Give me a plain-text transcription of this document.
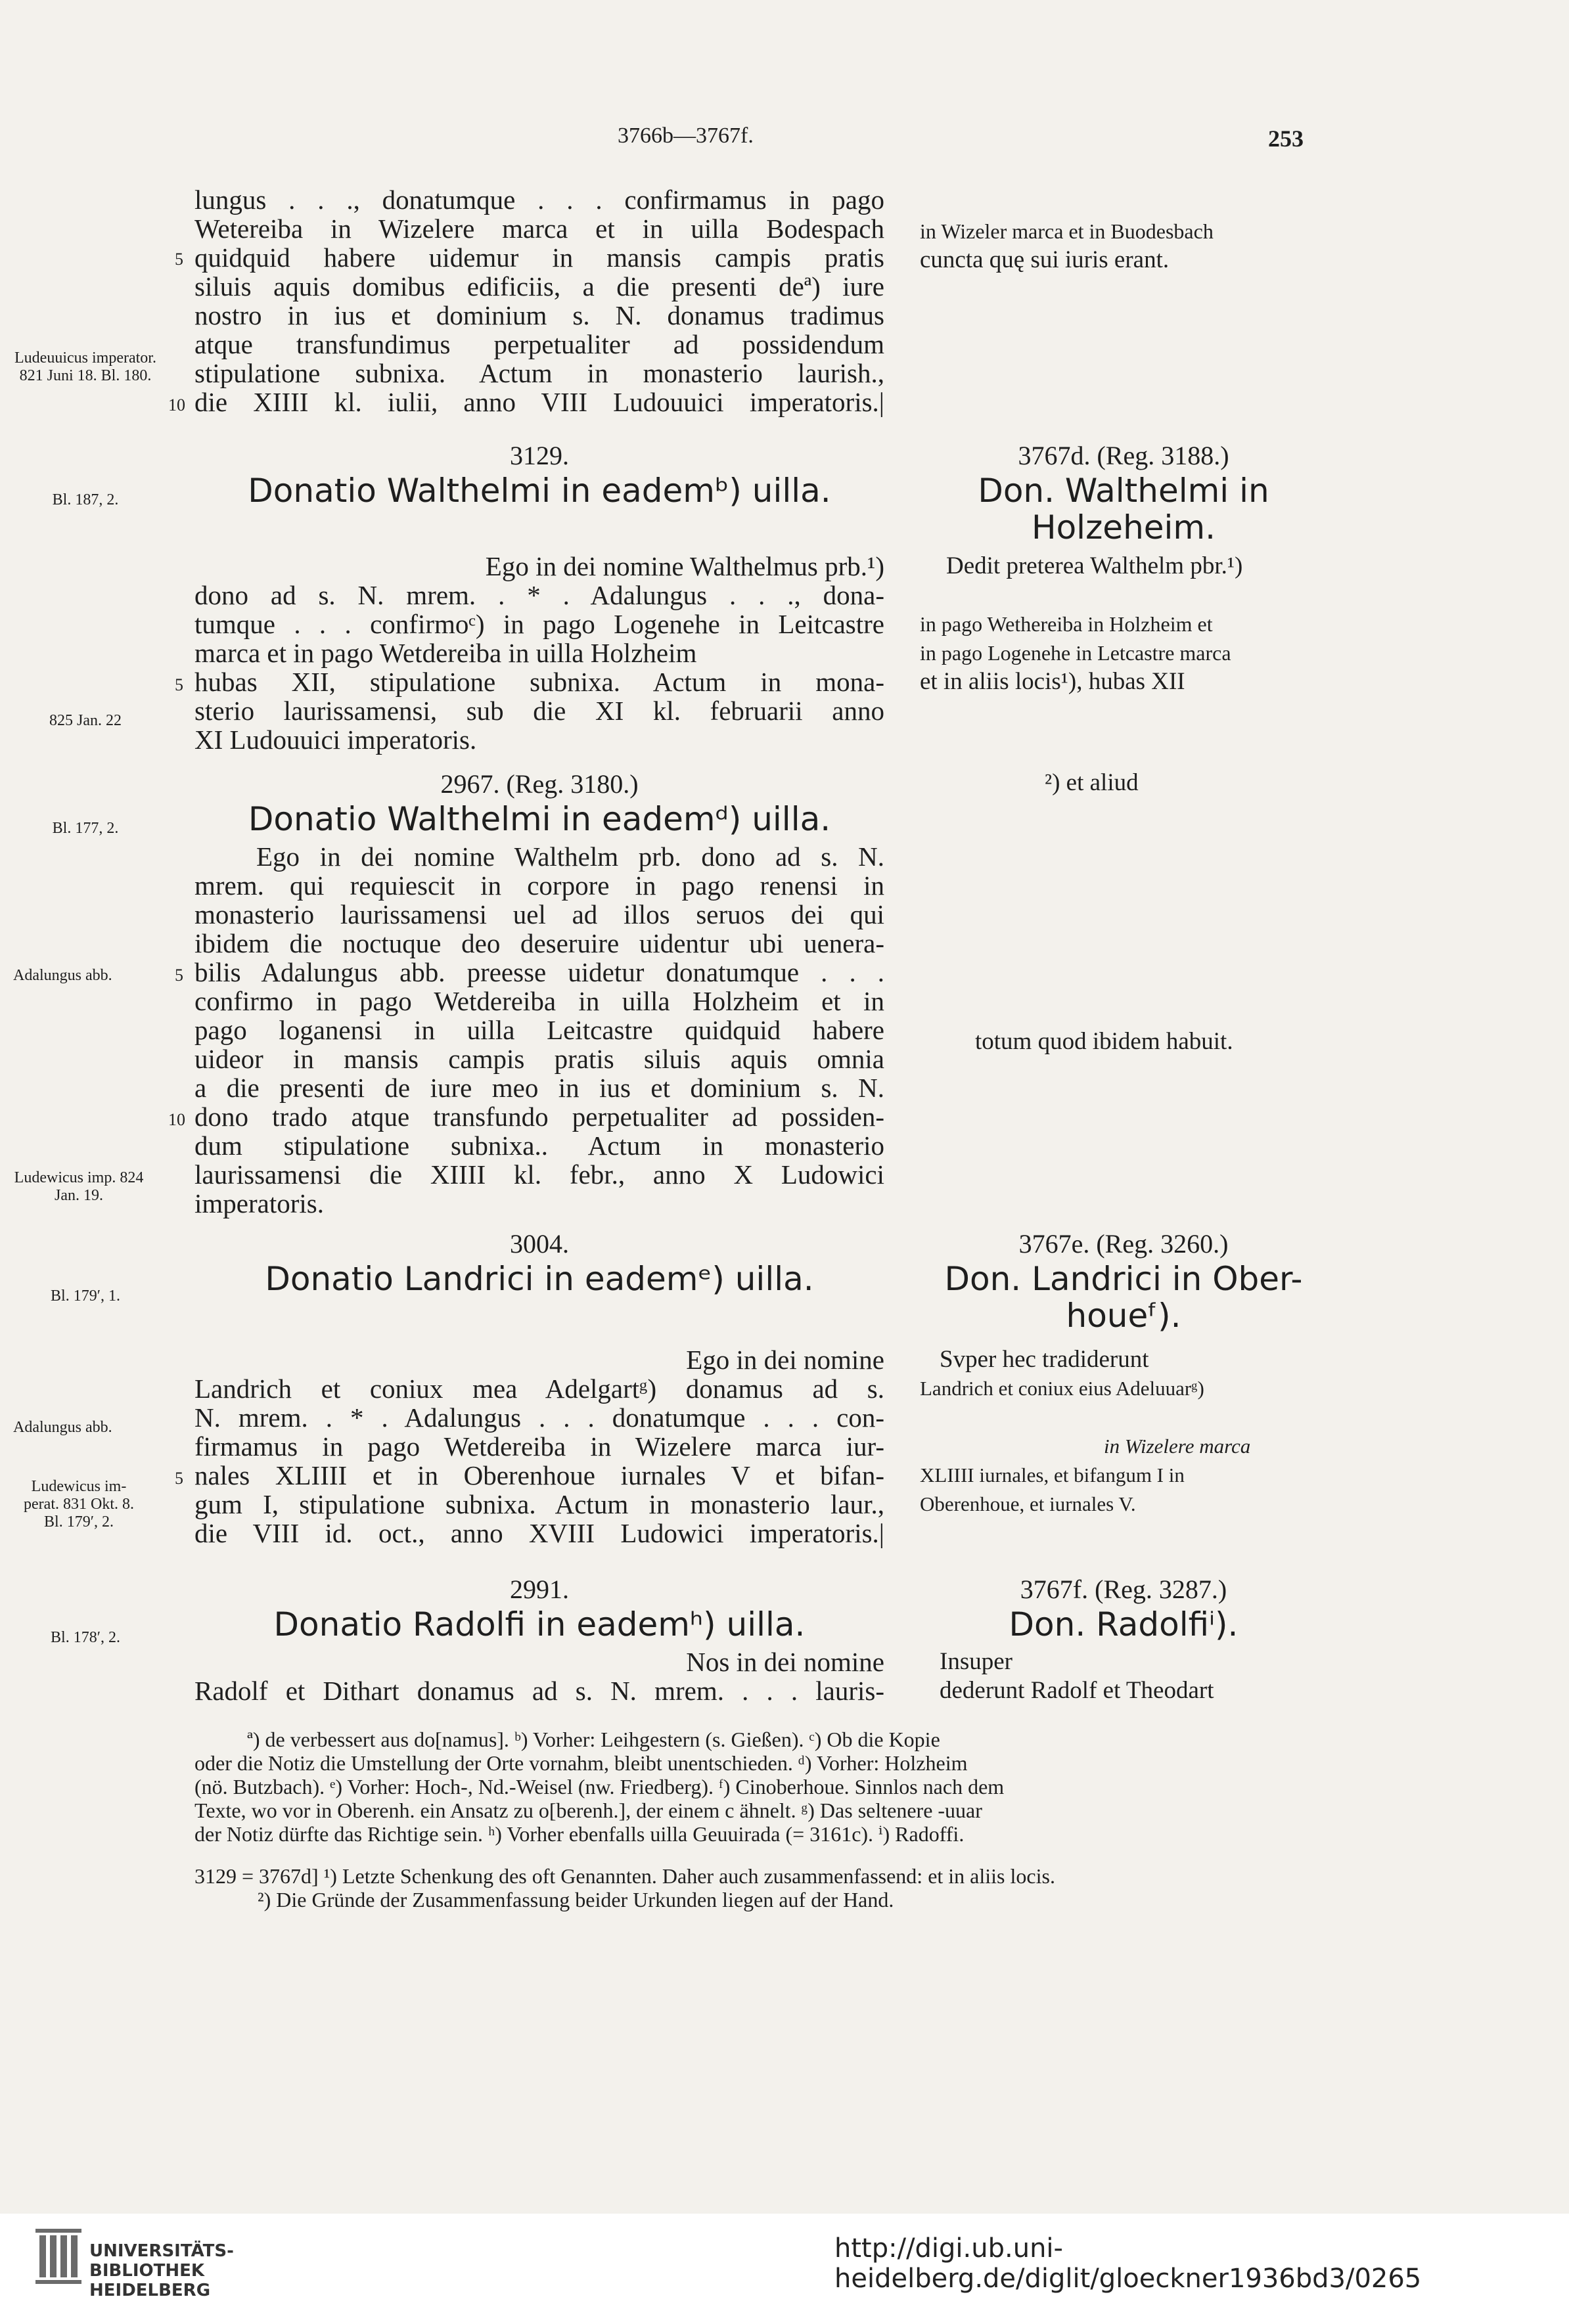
3766b—3767f.	253
lungus . . ., donatumque . . . confirmamus in pago
Wetereiba in Wizelere marca et in uilla Bodespach
quidquid habere uidemur in mansis campis pratis
siluis aquis domibus edificiis, a die presenti deª) iure
nostro in ius et dominium s. N. donamus tradimus
atque transfundimus perpetualiter ad possidendum
stipulatione subnixa. Actum in monasterio laurish.,
die XIIII kl. iulii, anno VIII Ludouuici imperatoris.|
5
10
Ludeuuicus imperator. 821 Juni 18. Bl. 180.
in Wizeler marca et in Buodesbach
cuncta quę sui iuris erant.
3129.
Donatio Walthelmi in eademᵇ) uilla.
Bl. 187, 2.
Ego in dei nomine Walthelmus prb.¹)
dono ad s. N. mrem. . * . Adalungus . . ., dona-
tumque . . . confirmoᶜ) in pago Logenehe in Leitcastre
marca et in pago Wetdereiba in uilla Holzheim
hubas XII, stipulatione subnixa. Actum in mona-
sterio laurissamensi, sub die XI kl. februarii anno
XI Ludouuici imperatoris.
5
825 Jan. 22
3767d. (Reg. 3188.)
Don. Walthelmi in
Holzeheim.
Dedit preterea Walthelm pbr.¹)
in pago Wethereiba in Holzheim et
in pago Logenehe in Letcastre marca
et in aliis locis¹), hubas XII
2967. (Reg. 3180.)
Donatio Walthelmi in eademᵈ) uilla.
Bl. 177, 2.
²) et aliud
Ego in dei nomine Walthelm prb. dono ad s. N.
mrem. qui requiescit in corpore in pago renensi in
monasterio laurissamensi uel ad illos seruos dei qui
ibidem die noctuque deo deseruire uidentur ubi uenera-
bilis Adalungus abb. preesse uidetur donatumque . . .
confirmo in pago Wetdereiba in uilla Holzheim et in
pago loganensi in uilla Leitcastre quidquid habere
uideor in mansis campis pratis siluis aquis omnia
a die presenti de iure meo in ius et dominium s. N.
dono trado atque transfundo perpetualiter ad possiden-
dum stipulatione subnixa.. Actum in monasterio
laurissamensi die XIIII kl. febr., anno X Ludowici
imperatoris.
5
10
Adalungus abb.
Ludewicus imp. 824 Jan. 19.
totum quod ibidem habuit.
3004.
Donatio Landrici in eademᵉ) uilla.
Bl. 179′, 1.
Ego in dei nomine
Landrich et coniux mea Adelgartᵍ) donamus ad s.
N. mrem. . * . Adalungus . . . donatumque . . . con-
firmamus in pago Wetdereiba in Wizelere marca iur-
nales XLIIII et in Oberenhoue iurnales V et bifan-
gum I, stipulatione subnixa. Actum in monasterio laur.,
die VIII id. oct., anno XVIII Ludowici imperatoris.|
5
Adalungus abb.
Ludewicus im- perat. 831 Okt. 8. Bl. 179′, 2.
3767e. (Reg. 3260.)
Don. Landrici in Ober-
houeᶠ).
Svper hec tradiderunt
Landrich et coniux eius Adeluuarᵍ)
in Wizelere marca
XLIIII iurnales, et bifangum I in
Oberenhoue, et iurnales V.
2991.
Donatio Radolfi in eademʰ) uilla.
Bl. 178′, 2.
Nos in dei nomine
Radolf et Dithart donamus ad s. N. mrem. . . . lauris-
3767f. (Reg. 3287.)
Don. Radolfiⁱ).
Insuper
dederunt Radolf et Theodart
ª) de verbessert aus do[namus]. ᵇ) Vorher: Leihgestern (s. Gießen). ᶜ) Ob die Kopie
oder die Notiz die Umstellung der Orte vornahm, bleibt unentschieden. ᵈ) Vorher: Holzheim
(nö. Butzbach). ᵉ) Vorher: Hoch-, Nd.-Weisel (nw. Friedberg). ᶠ) Cinoberhoue. Sinnlos nach dem
Texte, wo vor in Oberenh. ein Ansatz zu o[berenh.], der einem c ähnelt. ᵍ) Das seltenere -uuar
der Notiz dürfte das Richtige sein. ʰ) Vorher ebenfalls uilla Geuuirada (= 3161c). ⁱ) Radoffi.
3129 = 3767d] ¹) Letzte Schenkung des oft Genannten. Daher auch zusammenfassend: et in aliis locis.
²) Die Gründe der Zusammenfassung beider Urkunden liegen auf der Hand.
UNIVERSITÄTS-
BIBLIOTHEK
HEIDELBERG
http://digi.ub.uni-heidelberg.de/diglit/gloeckner1936bd3/0265
